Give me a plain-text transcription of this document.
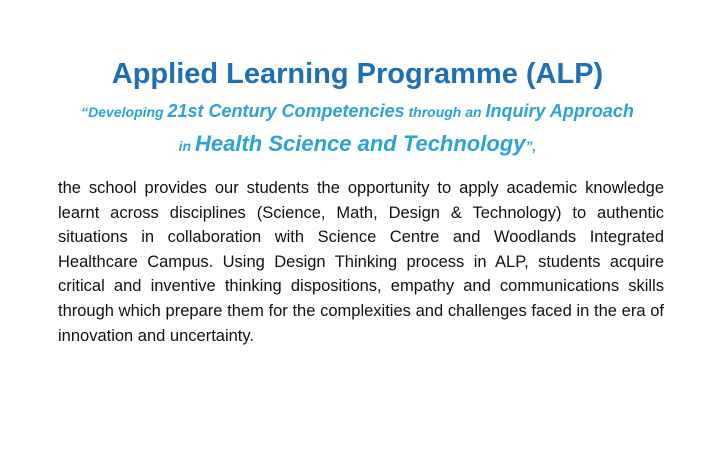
Applied Learning Programme (ALP)
“Developing 21st Century Competencies through an Inquiry Approach
in Health Science and Technology”,

the school provides our students the opportunity to apply academic knowledge learnt across disciplines (Science, Math, Design & Technology) to authentic situations in collaboration with Science Centre and Woodlands Integrated Healthcare Campus. Using Design Thinking process in ALP, students acquire critical and inventive thinking dispositions, empathy and communications skills through which prepare them for the complexities and challenges faced in the era of innovation and uncertainty.
